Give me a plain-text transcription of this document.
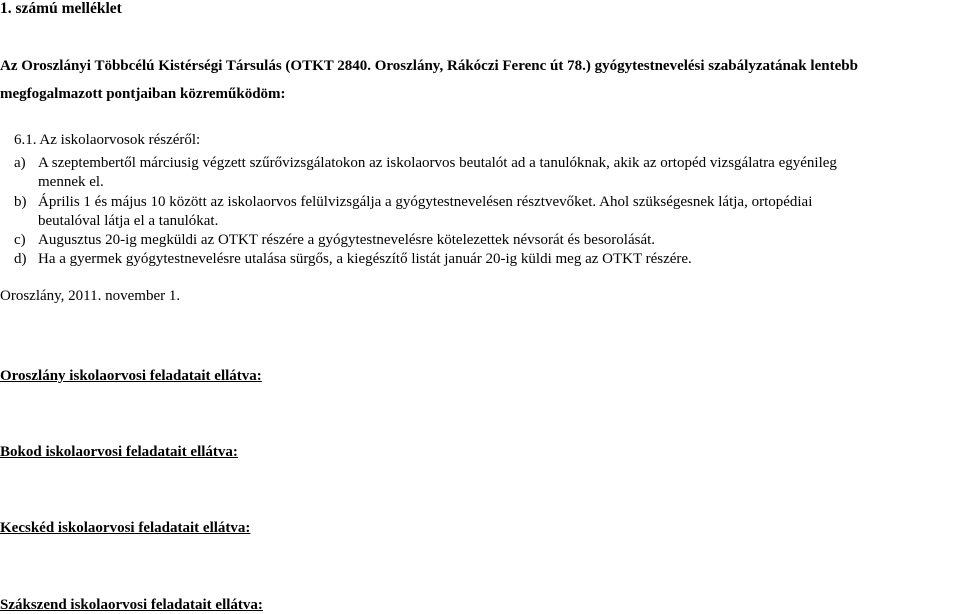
1. számú melléklet
Az Oroszlányi Többcélú Kistérségi Társulás (OTKT 2840. Oroszlány, Rákóczi Ferenc út 78.) gyógytestnevelési szabályzatának lentebb
megfogalmazott pontjaiban közreműködöm:
6.1. Az iskolaorvosok részéről:
a) A szeptembertől márciusig végzett szűrővizsgálatokon az iskolaorvos beutalót ad a tanulóknak, akik az ortopéd vizsgálatra egyénileg
mennek el.
b) Április 1 és május 10 között az iskolaorvos felülvizsgálja a gyógytestnevelésen résztvevőket. Ahol szükségesnek látja, ortopédiai
beutalóval látja el a tanulókat.
c) Augusztus 20-ig megküldi az OTKT részére a gyógytestnevelésre kötelezettek névsorát és besorolását.
d) Ha a gyermek gyógytestnevelésre utalása sürgős, a kiegészítő listát január 20-ig küldi meg az OTKT részére.
Oroszlány, 2011. november 1.
Oroszlány iskolaorvosi feladatait ellátva:
Bokod iskolaorvosi feladatait ellátva:
Kecskéd iskolaorvosi feladatait ellátva:
Szákszend iskolaorvosi feladatait ellátva:
